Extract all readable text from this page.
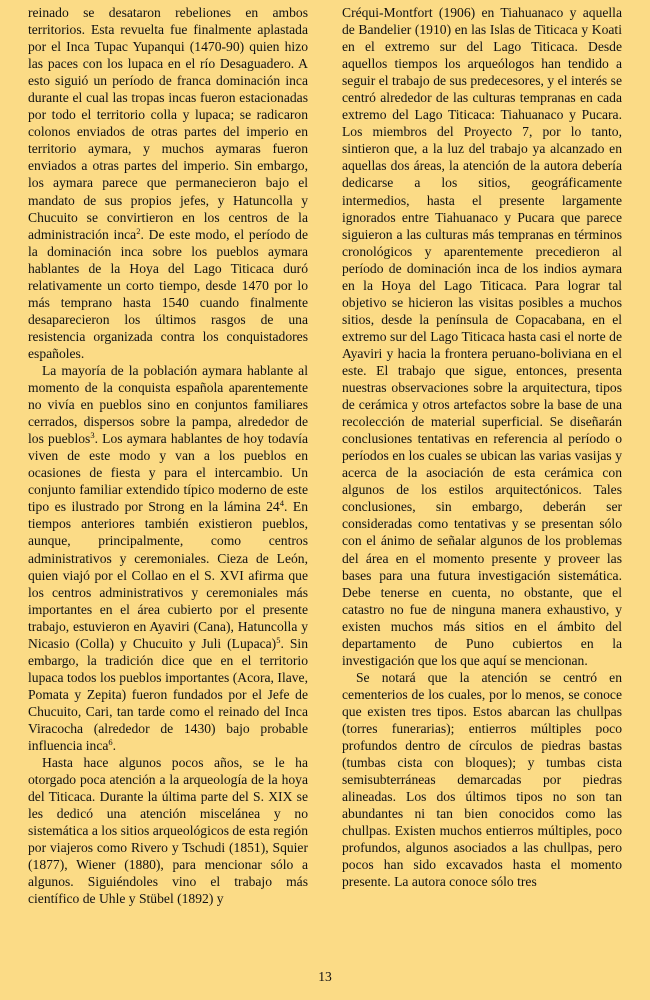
reinado se desataron rebeliones en ambos territorios. Esta revuelta fue finalmente aplastada por el Inca Tupac Yupanqui (1470-90) quien hizo las paces con los lupaca en el río Desaguadero. A esto siguió un período de franca dominación inca durante el cual las tropas incas fueron estacionadas por todo el territorio colla y lupaca; se radicaron colonos enviados de otras partes del imperio en territorio aymara, y muchos aymaras fueron enviados a otras partes del imperio. Sin embargo, los aymara parece que permanecieron bajo el mandato de sus propios jefes, y Hatuncolla y Chucuito se convirtieron en los centros de la administración inca$^2$. De este modo, el período de la dominación inca sobre los pueblos aymara hablantes de la Hoya del Lago Titicaca duró relativamente un corto tiempo, desde 1470 por lo más temprano hasta 1540 cuando finalmente desaparecieron los últimos rasgos de una resistencia organizada contra los conquistadores españoles.

La mayoría de la población aymara hablante al momento de la conquista española aparentemente no vivía en pueblos sino en conjuntos familiares cerrados, dispersos sobre la pampa, alrededor de los pueblos$^3$. Los aymara hablantes de hoy todavía viven de este modo y van a los pueblos en ocasiones de fiesta y para el intercambio. Un conjunto familiar extendido típico moderno de este tipo es ilustrado por Strong en la lámina $24^4$. En tiempos anteriores también existieron pueblos, aunque, principalmente, como centros administrativos y ceremoniales. Cieza de León, quien viajó por el Collao en el S. XVI afirma que los centros administrativos y ceremoniales más importantes en el área cubierto por el presente trabajo, estuvieron en Ayaviri (Cana), Hatuncolla y Nicasio (Colla) y Chucuito y Juli (Lupaca)$^5$. Sin embargo, la tradición dice que en el territorio lupaca todos los pueblos importantes (Acora, Ilave, Pomata y Zepita) fueron fundados por el Jefe de Chucuito, Cari, tan tarde como el reinado del Inca Viracocha (alrededor de 1430) bajo probable influencia inca$^6$.

Hasta hace algunos pocos años, se le ha otorgado poca atención a la arqueología de la hoya del Titicaca. Durante la última parte del S. XIX se les dedicó una atención miscelánea y no sistemática a los sitios arqueológicos de esta región por viajeros como Rivero y Tschudi (1851), Squier (1877), Wiener (1880), para mencionar sólo a algunos. Siguiéndoles vino el trabajo más científico de Uhle y Stübel (1892) y

Créqui-Montfort (1906) en Tiahuanaco y aquella de Bandelier (1910) en las Islas de Titicaca y Koati en el extremo sur del Lago Titicaca. Desde aquellos tiempos los arqueólogos han tendido a seguir el trabajo de sus predecesores, y el interés se centró alrededor de las culturas tempranas en cada extremo del Lago Titicaca: Tiahuanaco y Pucara. Los miembros del Proyecto 7, por lo tanto, sintieron que, a la luz del trabajo ya alcanzado en aquellas dos áreas, la atención de la autora debería dedicarse a los sitios, geográficamente intermedios, hasta el presente largamente ignorados entre Tiahuanaco y Pucara que parece siguieron a las culturas más tempranas en términos cronológicos y aparentemente precedieron al período de dominación inca de los indios aymara en la Hoya del Lago Titicaca. Para lograr tal objetivo se hicieron las visitas posibles a muchos sitios, desde la península de Copacabana, en el extremo sur del Lago Titicaca hasta casi el norte de Ayaviri y hacia la frontera peruano-boliviana en el este. El trabajo que sigue, entonces, presenta nuestras observaciones sobre la arquitectura, tipos de cerámica y otros artefactos sobre la base de una recolección de material superficial. Se diseñarán conclusiones tentativas en referencia al período o períodos en los cuales se ubican las varias vasijas y acerca de la asociación de esta cerámica con algunos de los estilos arquitectónicos. Tales conclusiones, sin embargo, deberán ser consideradas como tentativas y se presentan sólo con el ánimo de señalar algunos de los problemas del área en el momento presente y proveer las bases para una futura investigación sistemática. Debe tenerse en cuenta, no obstante, que el catastro no fue de ninguna manera exhaustivo, y existen muchos más sitios en el ámbito del departamento de Puno cubiertos en la investigación que los que aquí se mencionan.

Se notará que la atención se centró en cementerios de los cuales, por lo menos, se conoce que existen tres tipos. Estos abarcan las chullpas (torres funerarias); entierros múltiples poco profundos dentro de círculos de piedras bastas (tumbas cista con bloques); y tumbas cista semisubterráneas demarcadas por piedras alineadas. Los dos últimos tipos no son tan abundantes ni tan bien conocidos como las chullpas. Existen muchos entierros múltiples, poco profundos, algunos asociados a las chullpas, pero pocos han sido excavados hasta el momento presente. La autora conoce sólo tres

13
